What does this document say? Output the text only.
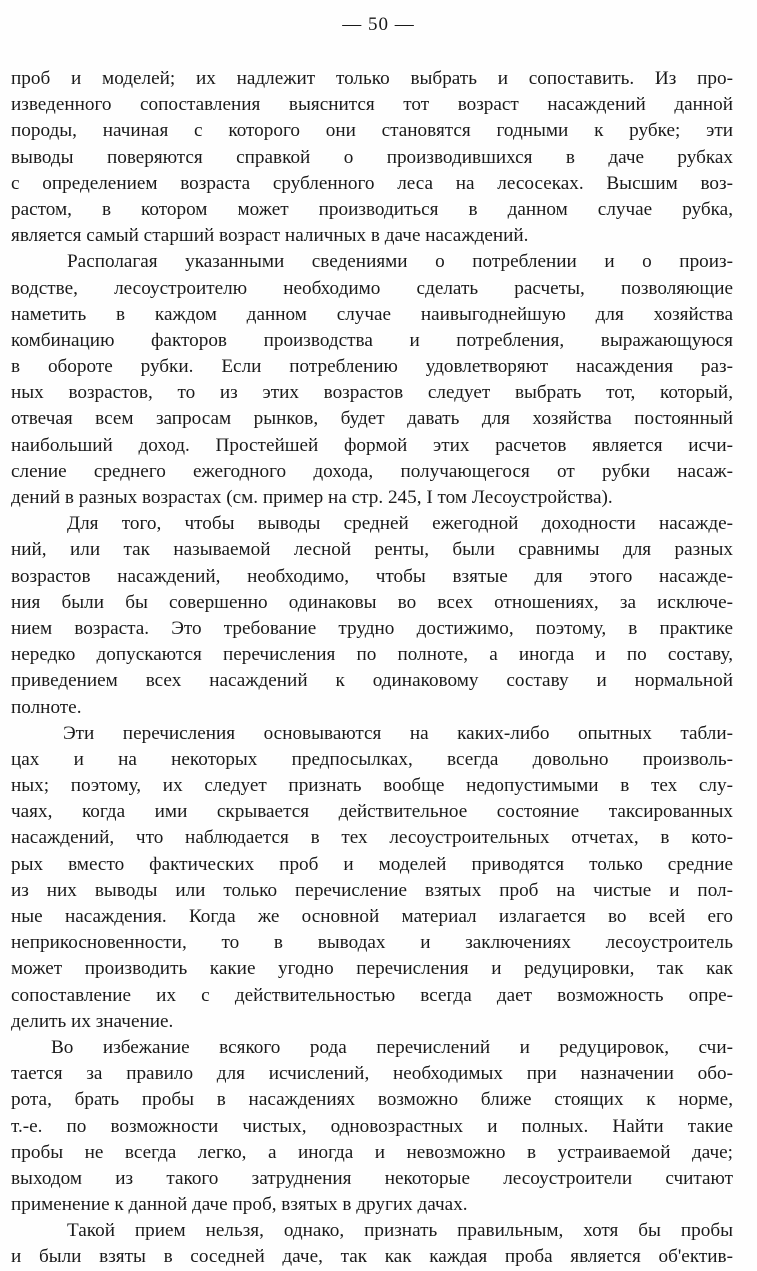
— 50 —
проб и моделей; их надлежит только выбрать и сопоставить. Из про-
изведенного сопоставления выяснится тот возраст насаждений данной
породы, начиная с которого они становятся годными к рубке; эти
выводы поверяются справкой о производившихся в даче рубках
с определением возраста срубленного леса на лесосеках. Высшим воз-
растом, в котором может производиться в данном случае рубка,
является самый старший возраст наличных в даче насаждений.
Располагая указанными сведениями о потреблении и о произ-
водстве, лесоустроителю необходимо сделать расчеты, позволяющие
наметить в каждом данном случае наивыгоднейшую для хозяйства
комбинацию факторов производства и потребления, выражающуюся
в обороте рубки. Если потреблению удовлетворяют насаждения раз-
ных возрастов, то из этих возрастов следует выбрать тот, который,
отвечая всем запросам рынков, будет давать для хозяйства постоянный
наибольший доход. Простейшей формой этих расчетов является исчи-
сление среднего ежегодного дохода, получающегося от рубки насаж-
дений в разных возрастах (см. пример на стр. 245, I том Лесоустройства).
Для того, чтобы выводы средней ежегодной доходности насажде-
ний, или так называемой лесной ренты, были сравнимы для разных
возрастов насаждений, необходимо, чтобы взятые для этого насажде-
ния были бы совершенно одинаковы во всех отношениях, за исключе-
нием возраста. Это требование трудно достижимо, поэтому, в практике
нередко допускаются перечисления по полноте, а иногда и по составу,
приведением всех насаждений к одинаковому составу и нормальной
полноте.
Эти перечисления основываются на каких-либо опытных табли-
цах и на некоторых предпосылках, всегда довольно произволь-
ных; поэтому, их следует признать вообще недопустимыми в тех слу-
чаях, когда ими скрывается действительное состояние таксированных
насаждений, что наблюдается в тех лесоустроительных отчетах, в кото-
рых вместо фактических проб и моделей приводятся только средние
из них выводы или только перечисление взятых проб на чистые и пол-
ные насаждения. Когда же основной материал излагается во всей его
неприкосновенности, то в выводах и заключениях лесоустроитель
может производить какие угодно перечисления и редуцировки, так как
сопоставление их с действительностью всегда дает возможность опре-
делить их значение.
Во избежание всякого рода перечислений и редуцировок, счи-
тается за правило для исчислений, необходимых при назначении обо-
рота, брать пробы в насаждениях возможно ближе стоящих к норме,
т.-е. по возможности чистых, одновозрастных и полных. Найти такие
пробы не всегда легко, а иногда и невозможно в устраиваемой даче;
выходом из такого затруднения некоторые лесоустроители считают
применение к данной даче проб, взятых в других дачах.
Такой прием нельзя, однако, признать правильным, хотя бы пробы
и были взяты в соседней даче, так как каждая проба является об'ектив-
